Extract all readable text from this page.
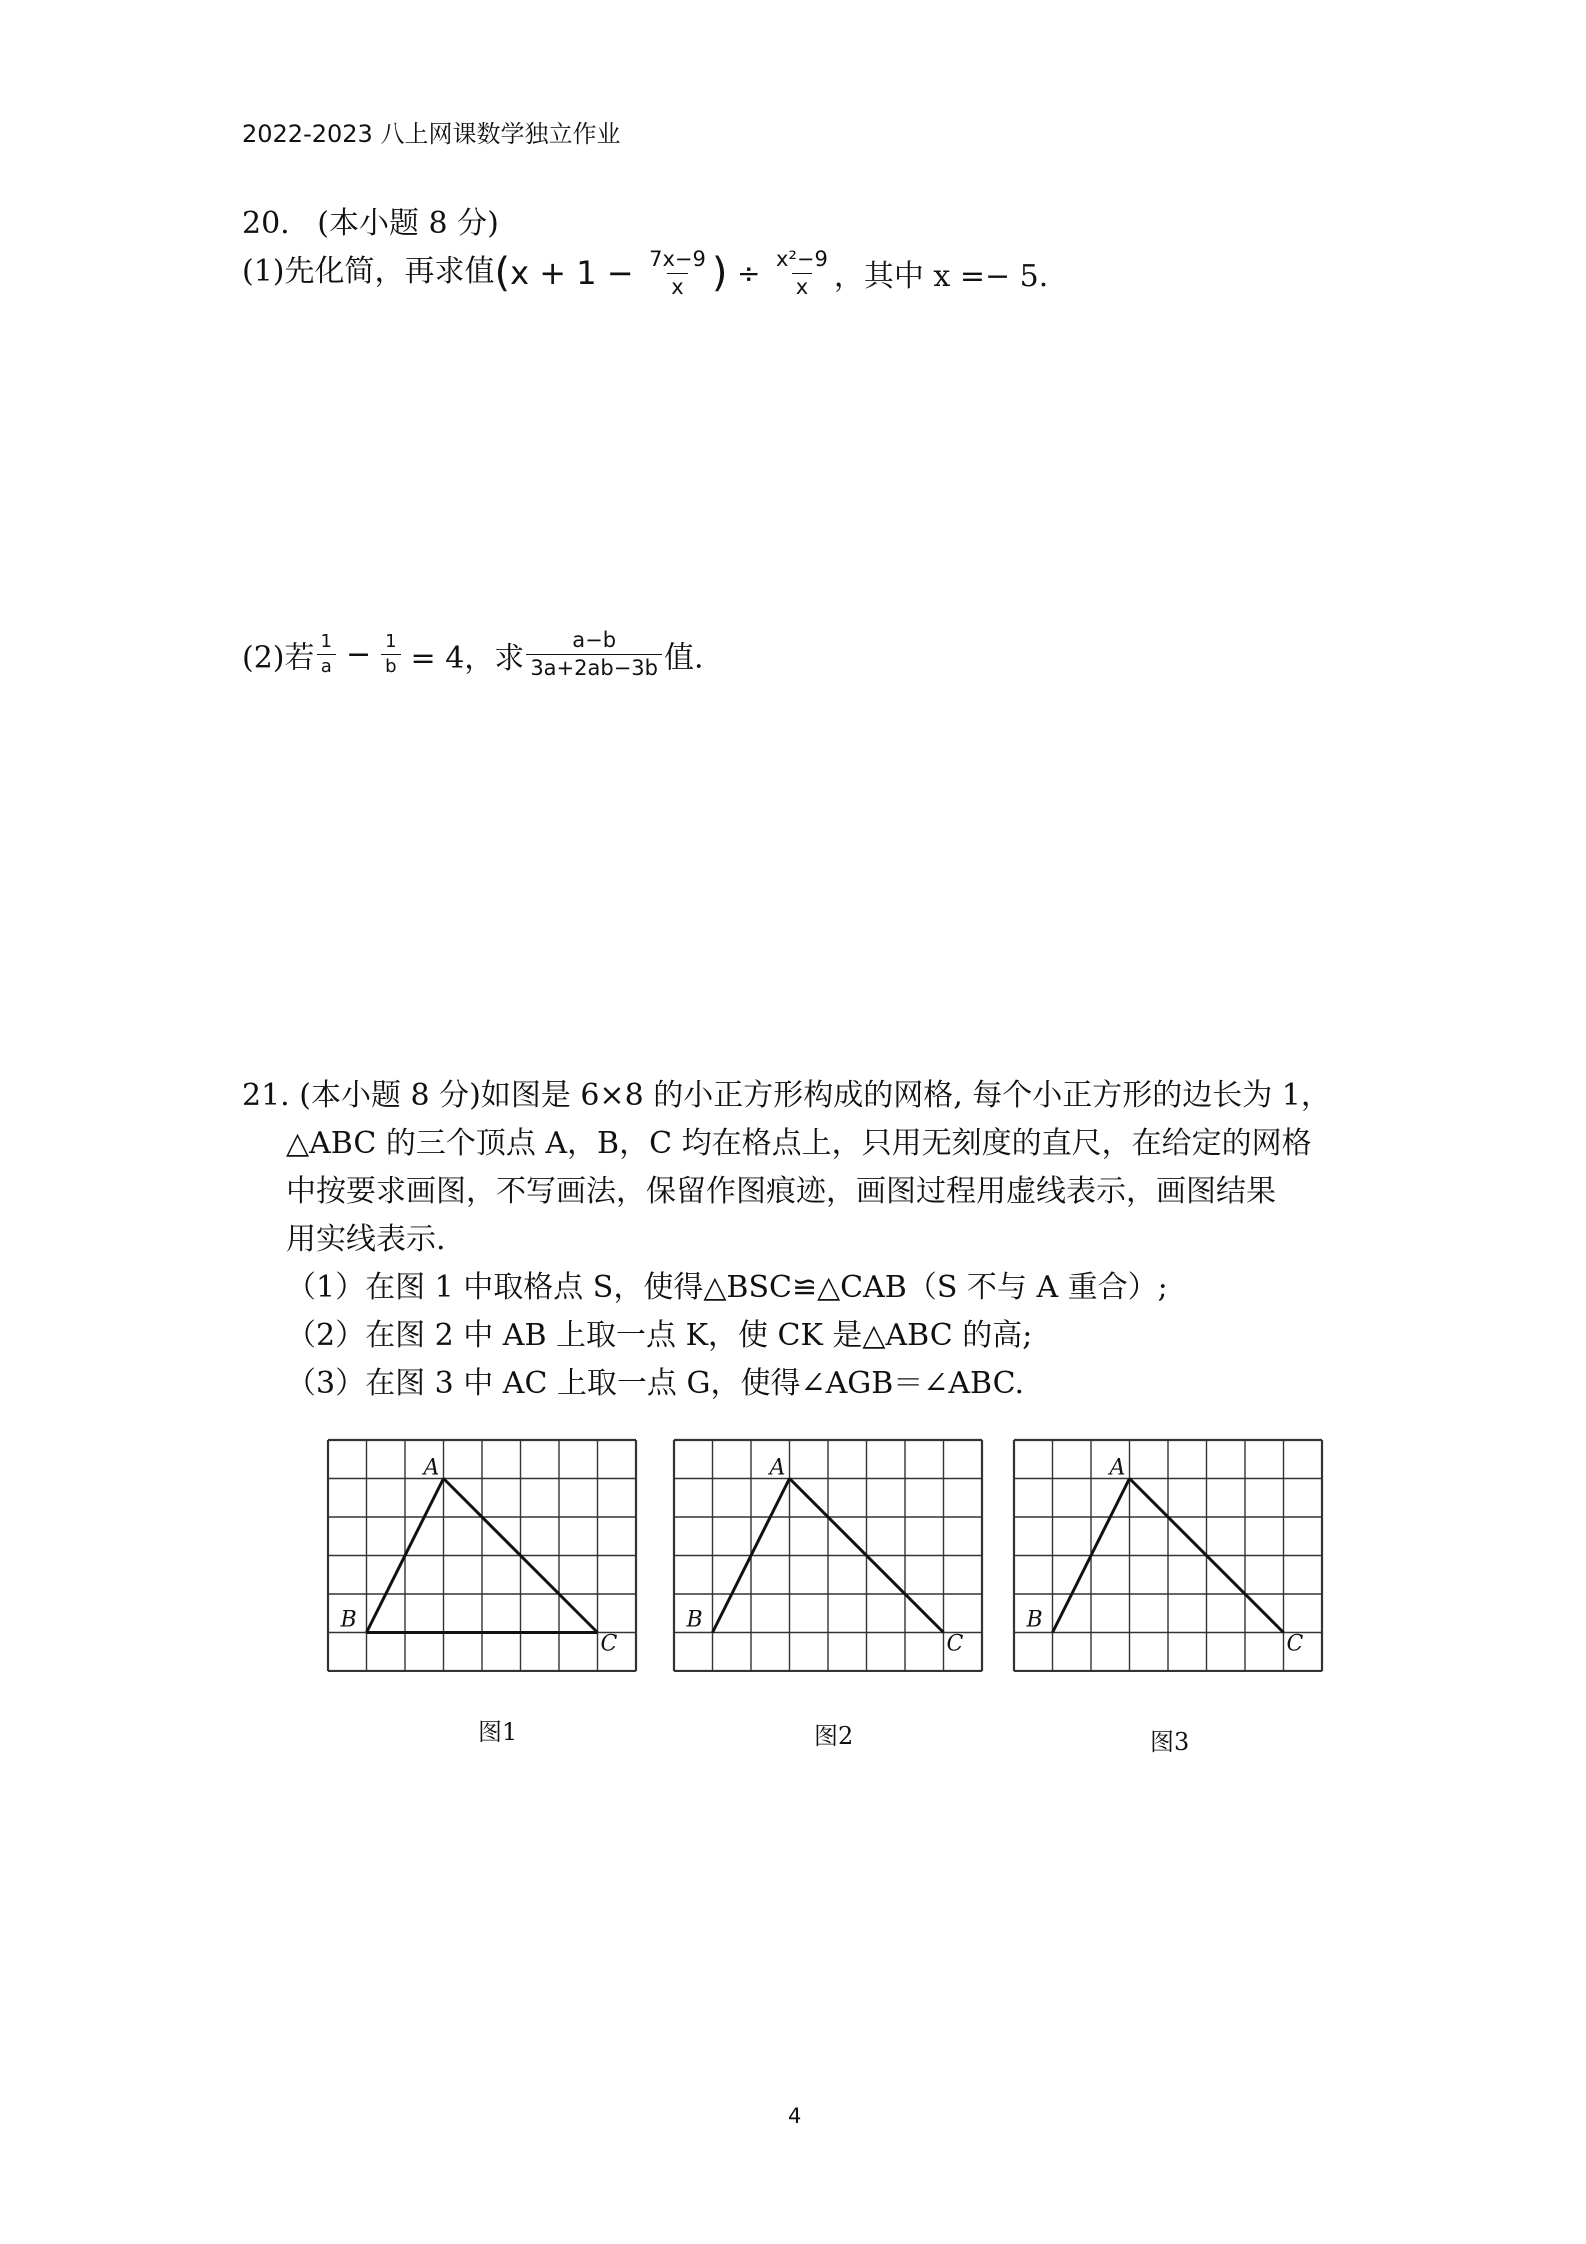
2022-2023 八上网课数学独立作业
20. (本小题 8 分)
(1)先化简，再求值($x + 1 - \frac{7x-9}{x}$ ) ÷ $\frac{\text{x²−9}}{x}$ ，其中 x =− 5.
(2)若 $\frac{1}{a} - \frac{1}{b} = 4$，求 $\frac{a-b}{3a+2ab-3b}$ 值.
21. (本小题 8 分)如图是 6×8 的小正方形构成的网格, 每个小正方形的边长为 1，
△ABC 的三个顶点 A，B，C 均在格点上，只用无刻度的直尺，在给定的网格
中按要求画图，不写画法，保留作图痕迹，画图过程用虚线表示，画图结果
用实线表示.
（1）在图 1 中取格点 S，使得△BSC≌△CAB（S 不与 A 重合）;
（2）在图 2 中 AB 上取一点 K，使 CK 是△ABC 的高;
（3）在图 3 中 AC 上取一点 G，使得∠AGB＝∠ABC.
A
B
C
A
B
C
A
B
C
图1	图2	图3
4
